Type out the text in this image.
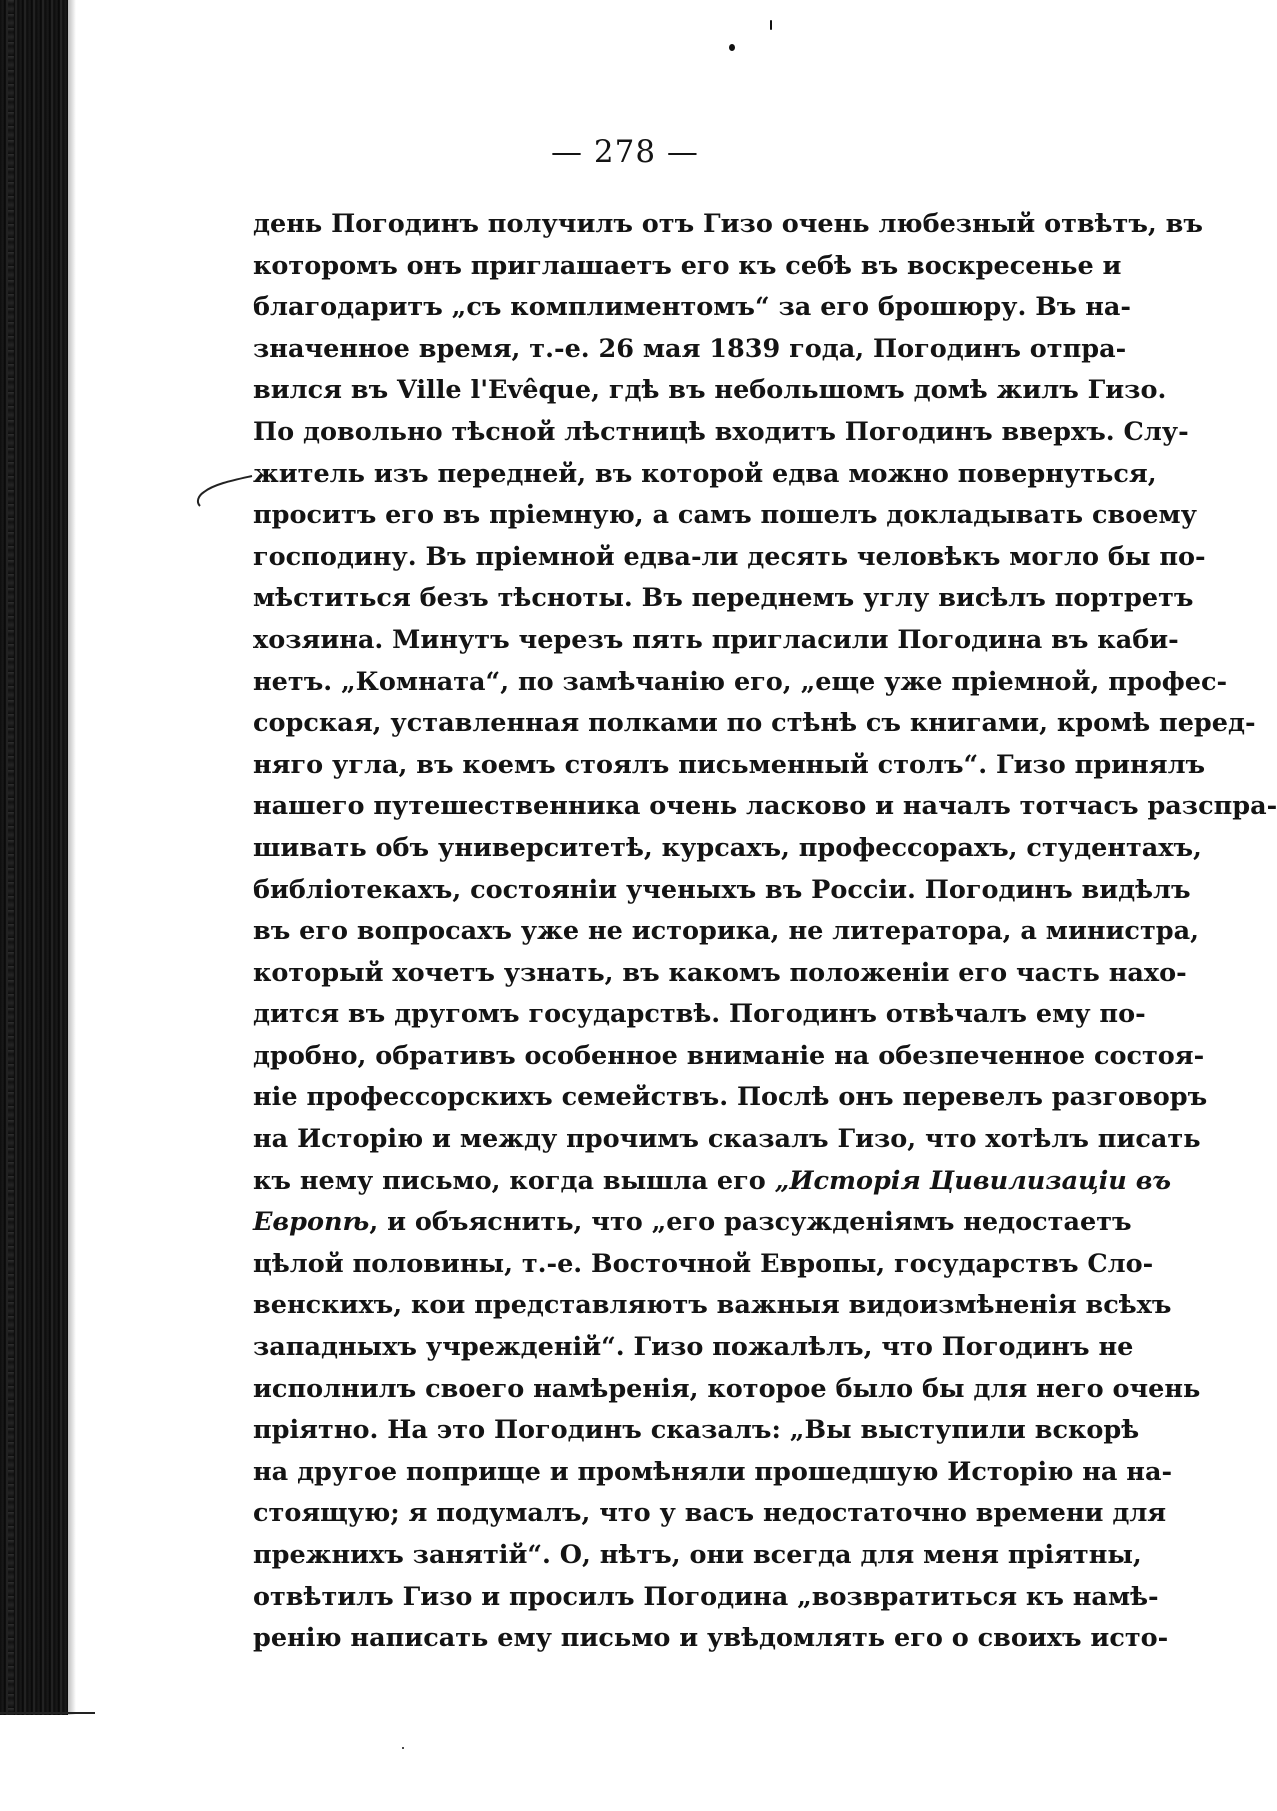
— 278 —
день Погодинъ получилъ отъ Гизо очень любезный отвѣтъ, въ
которомъ онъ приглашаетъ его къ себѣ въ воскресенье и
благодаритъ „съ комплиментомъ“ за его брошюру. Въ на-
значенное время, т.-е. 26 мая 1839 года, Погодинъ отпра-
вился въ Ville l'Evêque, гдѣ въ небольшомъ домѣ жилъ Гизо.
По довольно тѣсной лѣстницѣ входитъ Погодинъ вверхъ. Слу-
житель изъ передней, въ которой едва можно повернуться,
проситъ его въ пріемную, а самъ пошелъ докладывать своему
господину. Въ пріемной едва-ли десять человѣкъ могло бы по-
мѣститься безъ тѣсноты. Въ переднемъ углу висѣлъ портретъ
хозяина. Минутъ черезъ пять пригласили Погодина въ каби-
нетъ. „Комната“, по замѣчанію его, „еще уже пріемной, профес-
сорская, уставленная полками по стѣнѣ съ книгами, кромѣ перед-
няго угла, въ коемъ стоялъ письменный столъ“. Гизо принялъ
нашего путешественника очень ласково и началъ тотчасъ разспра-
шивать объ университетѣ, курсахъ, профессорахъ, студентахъ,
библіотекахъ, состояніи ученыхъ въ Россіи. Погодинъ видѣлъ
въ его вопросахъ уже не историка, не литератора, а министра,
который хочетъ узнать, въ какомъ положеніи его часть нахо-
дится въ другомъ государствѣ. Погодинъ отвѣчалъ ему по-
дробно, обративъ особенное вниманіе на обезпеченное состоя-
ніе профессорскихъ семействъ. Послѣ онъ перевелъ разговоръ
на Исторію и между прочимъ сказалъ Гизо, что хотѣлъ писать
къ нему письмо, когда вышла его „Исторія Цивилизаціи въ
Европѣ, и объяснить, что „его разсужденіямъ недостаетъ
цѣлой половины, т.-е. Восточной Европы, государствъ Сло-
венскихъ, кои представляютъ важныя видоизмѣненія всѣхъ
западныхъ учрежденій“. Гизо пожалѣлъ, что Погодинъ не
исполнилъ своего намѣренія, которое было бы для него очень
пріятно. На это Погодинъ сказалъ: „Вы выступили вскорѣ
на другое поприще и промѣняли прошедшую Исторію на на-
стоящую; я подумалъ, что у васъ недостаточно времени для
прежнихъ занятій“. О, нѣтъ, они всегда для меня пріятны,
отвѣтилъ Гизо и просилъ Погодина „возвратиться къ намѣ-
ренію написать ему письмо и увѣдомлять его о своихъ исто-
